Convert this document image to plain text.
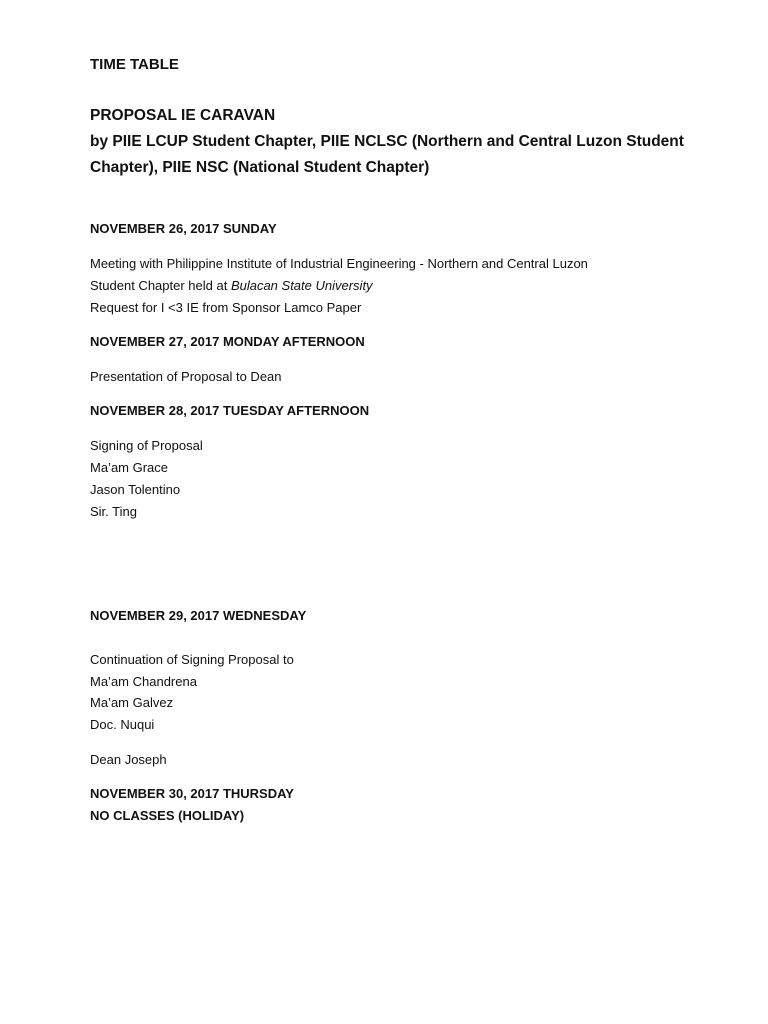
TIME TABLE

PROPOSAL IE CARAVAN

by PIIE LCUP Student Chapter, PIIE NCLSC (Northern and Central Luzon Student

Chapter), PIIE NSC (National Student Chapter)

NOVEMBER 26, 2017 SUNDAY

Meeting with Philippine Institute of Industrial Engineering - Northern and Central Luzon

Student Chapter held at Bulacan State University

Request for I <3 IE from Sponsor Lamco Paper

NOVEMBER 27, 2017 MONDAY AFTERNOON

Presentation of Proposal to Dean

NOVEMBER 28, 2017 TUESDAY AFTERNOON

Signing of Proposal

Ma’am Grace

Jason Tolentino

Sir. Ting

NOVEMBER 29, 2017 WEDNESDAY

Continuation of Signing Proposal to

Ma’am Chandrena

Ma’am Galvez

Doc. Nuqui

Dean Joseph

NOVEMBER 30, 2017 THURSDAY

NO CLASSES (HOLIDAY)
